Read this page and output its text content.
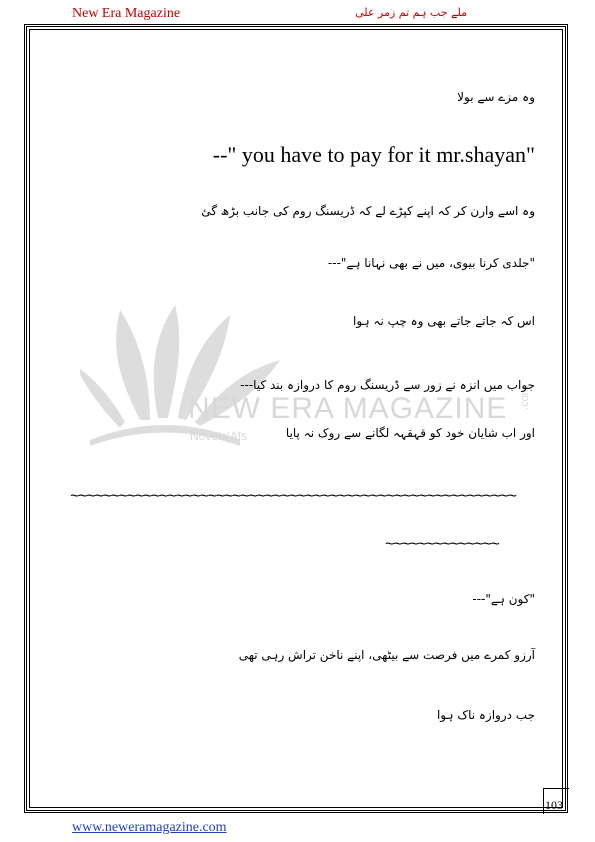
New Era Magazine	ملے جب ہم تم زمر علی
NEW ERA MAGAZINE
Novels|Afs
.com
وہ مزے سے بولا
--" you have to pay for it mr.shayan"
وہ اسے وارن کر کہ اپنے کپڑے لے کہ ڈریسنگ روم کی جانب بڑھ گئ
"جلدی کرنا بیوی، میں نے بھی نہانا ہے"---
اس کہ جاتے جاتے بھی وہ چپ نہ ہوا
جواب میں انزہ نے زور سے ڈریسنگ روم کا دروازہ بند کیا---
اور اب شایان خود کو قہقہہ لگانے سے روک نہ پایا
~~~~~~~~~~~~~~~~~~~~~~~~~~~~~~~~~~~~~~~~~~~~~~~~~~~~~~~
~~~~~~~~~~~~~~
"کون ہے"---
آرزو کمرے میں فرصت سے بیٹھی، اپنے ناخن تراش رہی تھی
جب دروازہ ناک ہوا
103
www.neweramagazine.com
